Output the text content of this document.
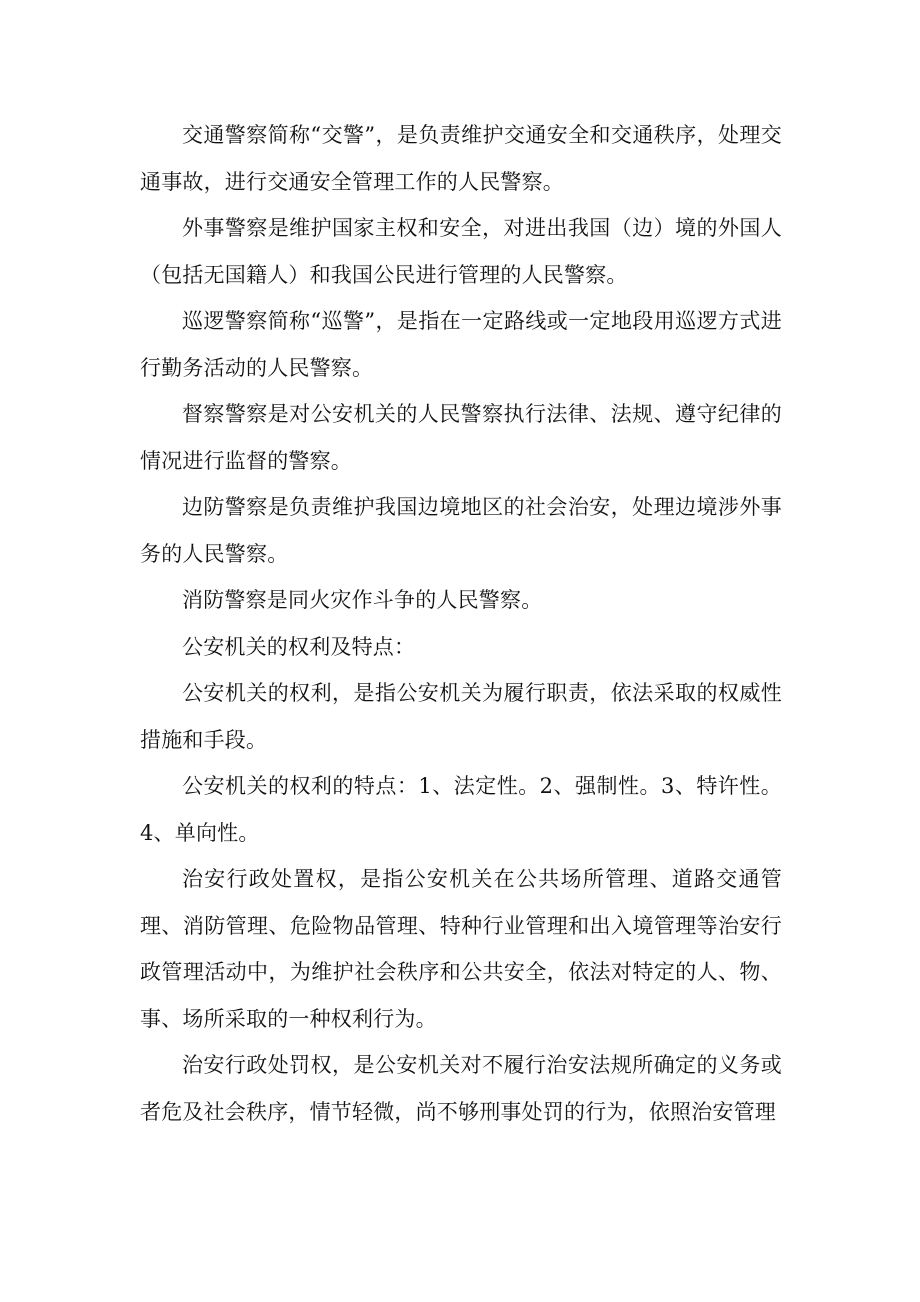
交通警察简称“交警”，是负责维护交通安全和交通秩序，处理交通事故，进行交通安全管理工作的人民警察。

外事警察是维护国家主权和安全，对进出我国（边）境的外国人（包括无国籍人）和我国公民进行管理的人民警察。

巡逻警察简称“巡警”，是指在一定路线或一定地段用巡逻方式进行勤务活动的人民警察。

督察警察是对公安机关的人民警察执行法律、法规、遵守纪律的情况进行监督的警察。

边防警察是负责维护我国边境地区的社会治安，处理边境涉外事务的人民警察。

消防警察是同火灾作斗争的人民警察。

公安机关的权利及特点：

公安机关的权利，是指公安机关为履行职责，依法采取的权威性措施和手段。

公安机关的权利的特点：1、法定性。2、强制性。3、特许性。4、单向性。

治安行政处置权，是指公安机关在公共场所管理、道路交通管理、消防管理、危险物品管理、特种行业管理和出入境管理等治安行政管理活动中，为维护社会秩序和公共安全，依法对特定的人、物、事、场所采取的一种权利行为。

治安行政处罚权，是公安机关对不履行治安法规所确定的义务或者危及社会秩序，情节轻微，尚不够刑事处罚的行为，依照治安管理
